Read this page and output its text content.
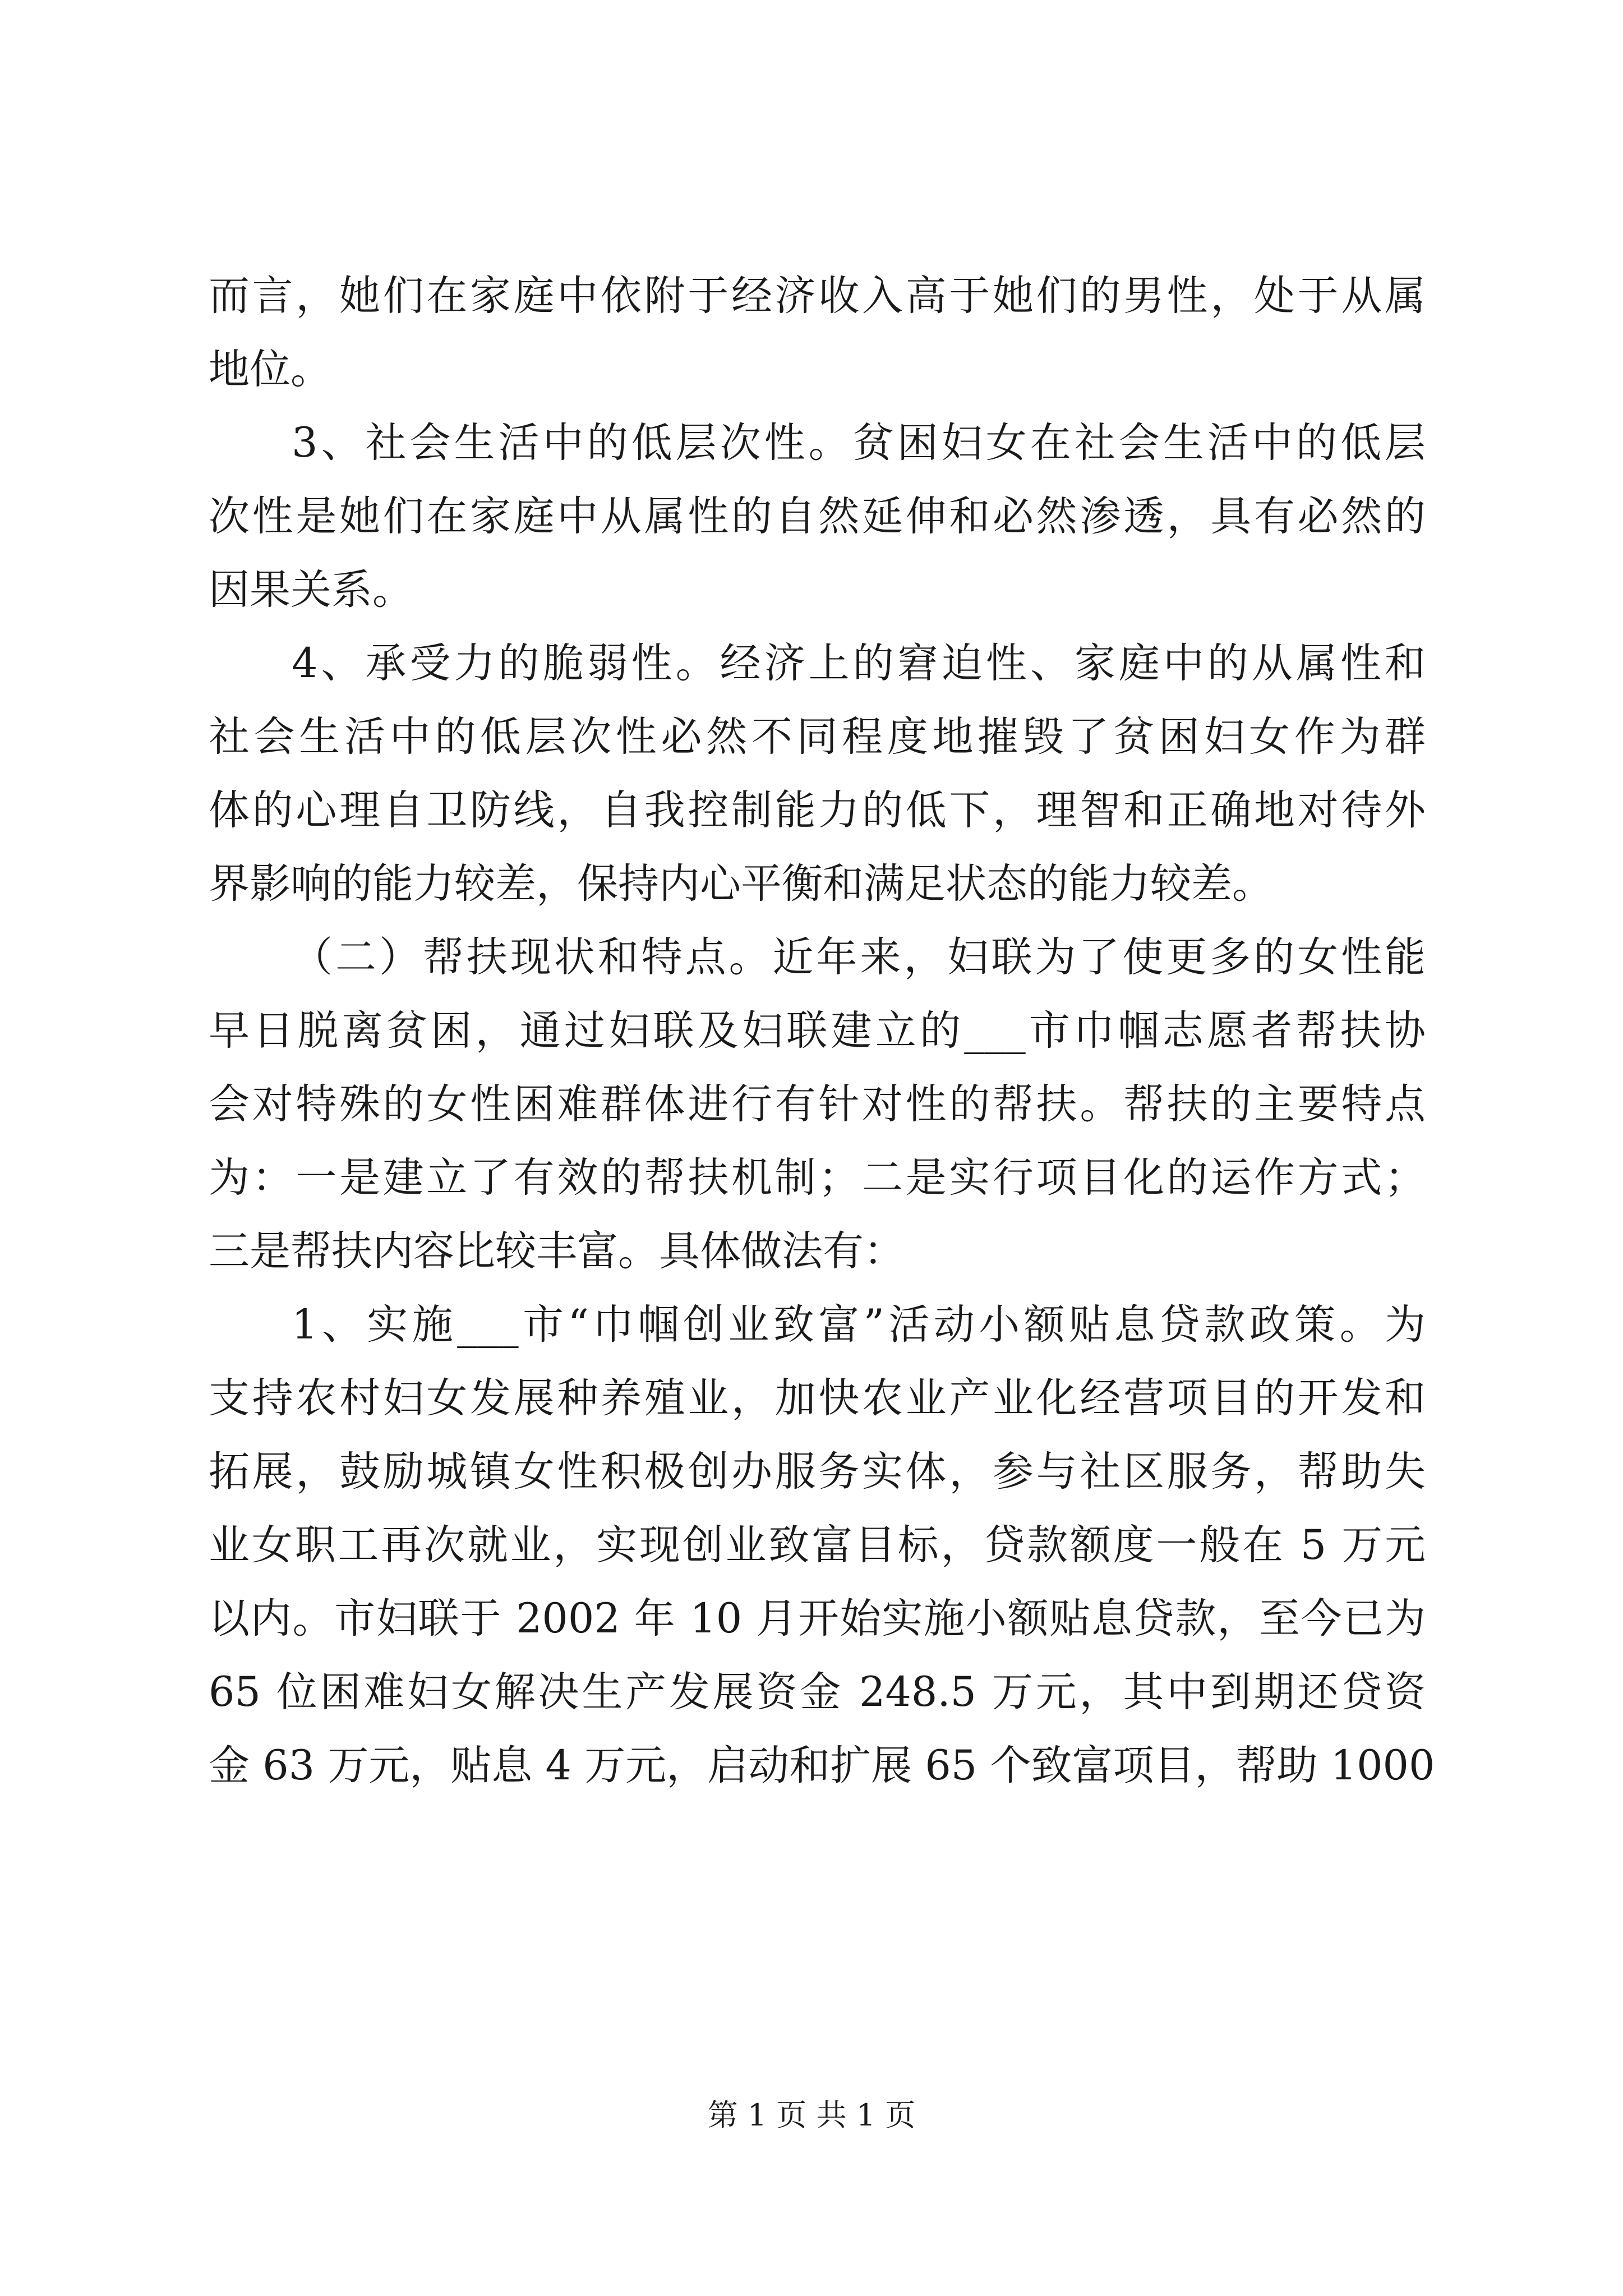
而言，她们在家庭中依附于经济收入高于她们的男性，处于从属
地位。
3、社会生活中的低层次性。贫困妇女在社会生活中的低层
次性是她们在家庭中从属性的自然延伸和必然渗透，具有必然的
因果关系。
4、承受力的脆弱性。经济上的窘迫性、家庭中的从属性和
社会生活中的低层次性必然不同程度地摧毁了贫困妇女作为群
体的心理自卫防线，自我控制能力的低下，理智和正确地对待外
界影响的能力较差，保持内心平衡和满足状态的能力较差。
（二）帮扶现状和特点。近年来，妇联为了使更多的女性能
早日脱离贫困，通过妇联及妇联建立的___市巾帼志愿者帮扶协
会对特殊的女性困难群体进行有针对性的帮扶。帮扶的主要特点
为：一是建立了有效的帮扶机制；二是实行项目化的运作方式；
三是帮扶内容比较丰富。具体做法有：
1、实施___市“巾帼创业致富”活动小额贴息贷款政策。为
支持农村妇女发展种养殖业，加快农业产业化经营项目的开发和
拓展，鼓励城镇女性积极创办服务实体，参与社区服务，帮助失
业女职工再次就业，实现创业致富目标，贷款额度一般在 5 万元
以内。市妇联于 2002 年 10 月开始实施小额贴息贷款，至今已为
65 位困难妇女解决生产发展资金 248.5 万元，其中到期还贷资
金 63 万元，贴息 4 万元，启动和扩展 65 个致富项目，帮助 1000
第 1 页 共 1 页
